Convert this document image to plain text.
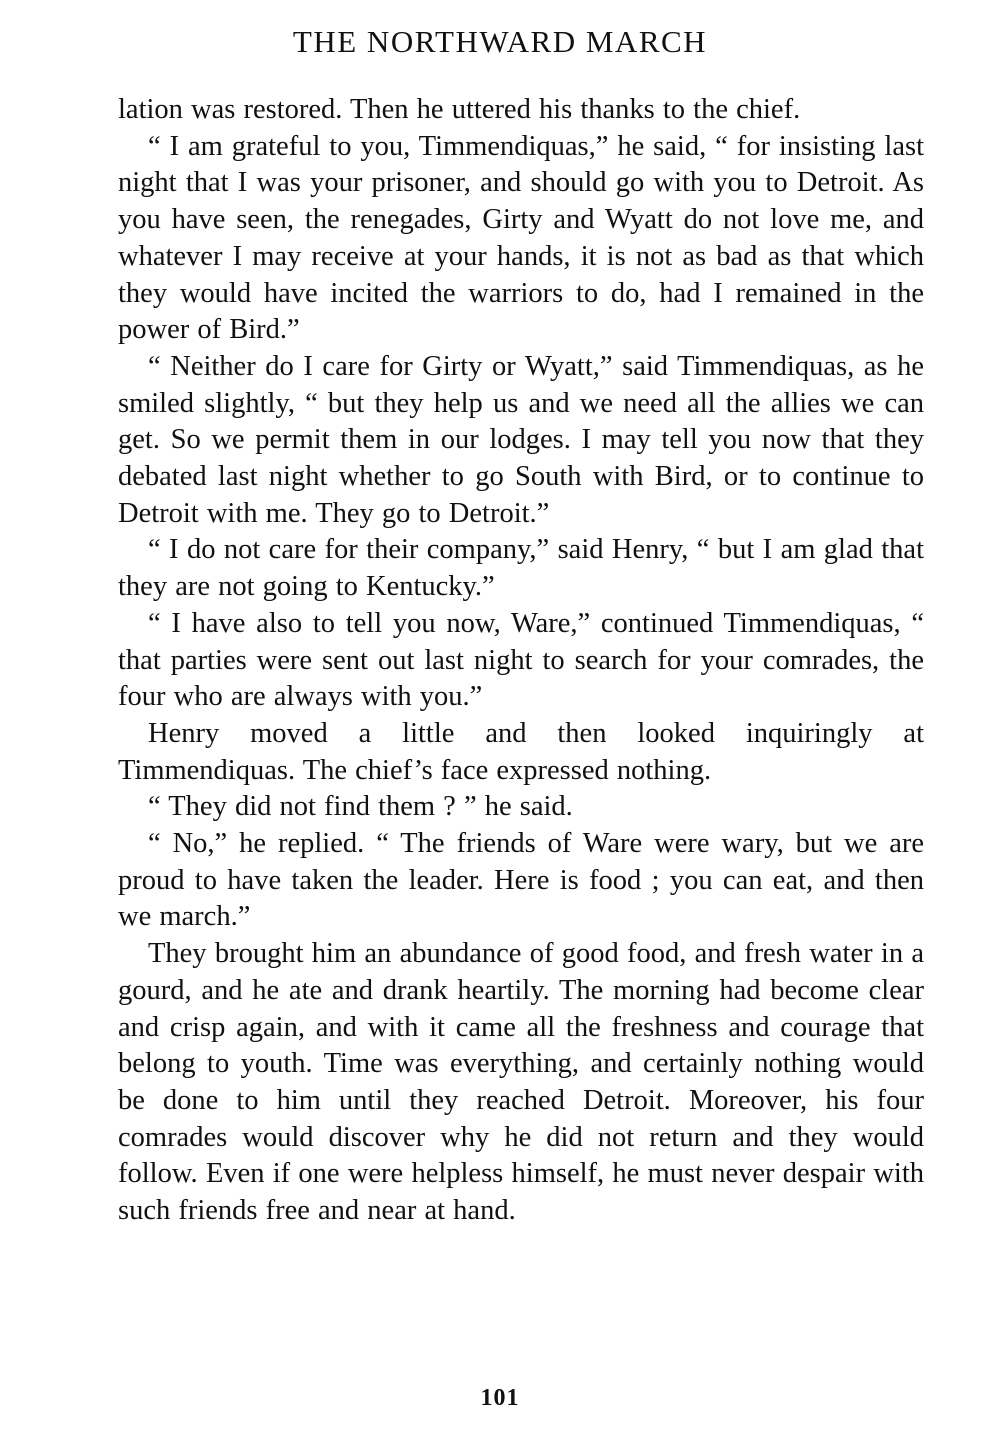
THE NORTHWARD MARCH

lation was restored. Then he uttered his thanks to the chief.

“ I am grateful to you, Timmendiquas,” he said, “ for insisting last night that I was your prisoner, and should go with you to Detroit. As you have seen, the renegades, Girty and Wyatt do not love me, and whatever I may receive at your hands, it is not as bad as that which they would have incited the warriors to do, had I remained in the power of Bird.”

“ Neither do I care for Girty or Wyatt,” said Timmendiquas, as he smiled slightly, “ but they help us and we need all the allies we can get. So we permit them in our lodges. I may tell you now that they debated last night whether to go South with Bird, or to continue to Detroit with me. They go to Detroit.”

“ I do not care for their company,” said Henry, “ but I am glad that they are not going to Kentucky.”

“ I have also to tell you now, Ware,” continued Timmendiquas, “ that parties were sent out last night to search for your comrades, the four who are always with you.”

Henry moved a little and then looked inquiringly at Timmendiquas. The chief’s face expressed nothing.

“ They did not find them ? ” he said.

“ No,” he replied. “ The friends of Ware were wary, but we are proud to have taken the leader. Here is food ; you can eat, and then we march.”

They brought him an abundance of good food, and fresh water in a gourd, and he ate and drank heartily. The morning had become clear and crisp again, and with it came all the freshness and courage that belong to youth. Time was everything, and certainly nothing would be done to him until they reached Detroit. Moreover, his four comrades would discover why he did not return and they would follow. Even if one were helpless himself, he must never despair with such friends free and near at hand.

101
